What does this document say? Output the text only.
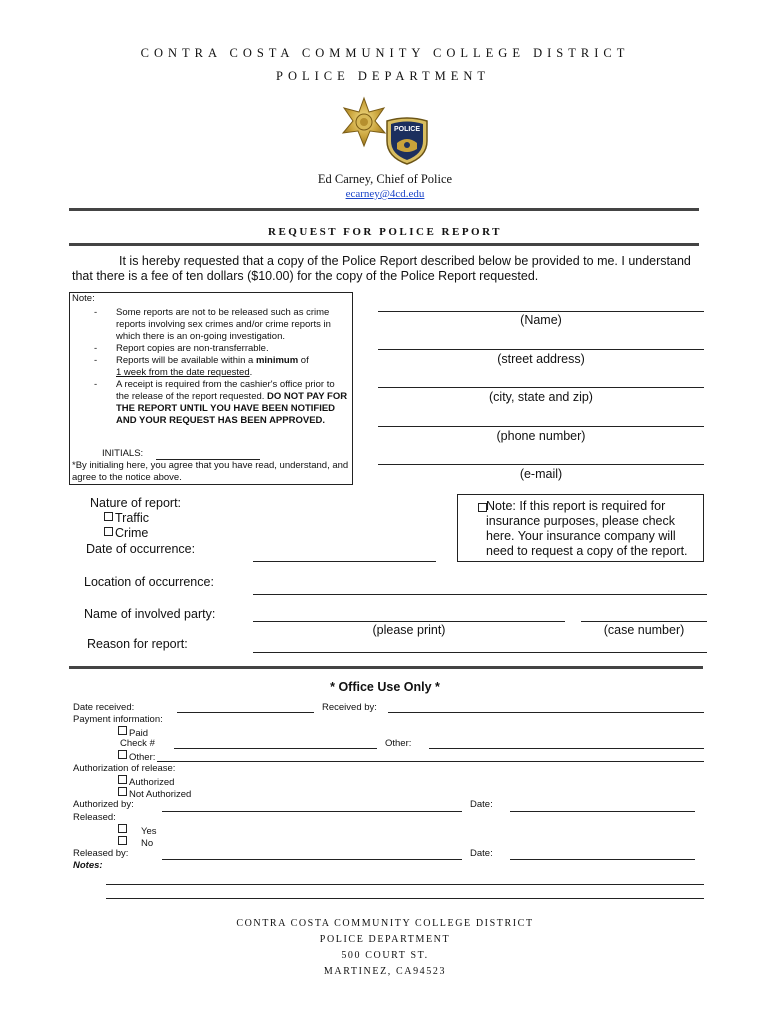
CONTRA COSTA COMMUNITY COLLEGE DISTRICT
POLICE DEPARTMENT
POLICE
Ed Carney, Chief of Police
ecarney@4cd.edu
REQUEST FOR POLICE REPORT
It is hereby requested that a copy of the Police Report described below be provided to me. I understand that there is a fee of ten dollars ($10.00) for the copy of the Police Report requested.
Note:
- Some reports are not to be released such as crime reports involving sex crimes and/or crime reports in which there is an on-going investigation.
- Report copies are non-transferrable.
- Reports will be available within a minimum of
1 week from the date requested.
- A receipt is required from the cashier's office prior to the release of the report requested. DO NOT PAY FOR THE REPORT UNTIL YOU HAVE BEEN NOTIFIED AND YOUR REQUEST HAS BEEN APPROVED.
INITIALS:
*By initialing here, you agree that you have read, understand, and agree to the notice above.
(Name)
(street address)
(city, state and zip)
(phone number)
(e-mail)
Nature of report:
Traffic
Crime
Date of occurrence:
Note: If this report is required for insurance purposes, please check here. Your insurance company will need to request a copy of the report.
Location of occurrence:
Name of involved party:
(please print)	(case number)
Reason for report:
* Office Use Only *
Date received:	Received by:
Payment information:
Paid
Check #	Other:
Other:
Authorization of release:
Authorized
Not Authorized
Authorized by:	Date:
Released:
Yes
No
Released by:	Date:
Notes:
CONTRA COSTA COMMUNITY COLLEGE DISTRICT
POLICE DEPARTMENT
500 COURT ST.
MARTINEZ, CA94523
